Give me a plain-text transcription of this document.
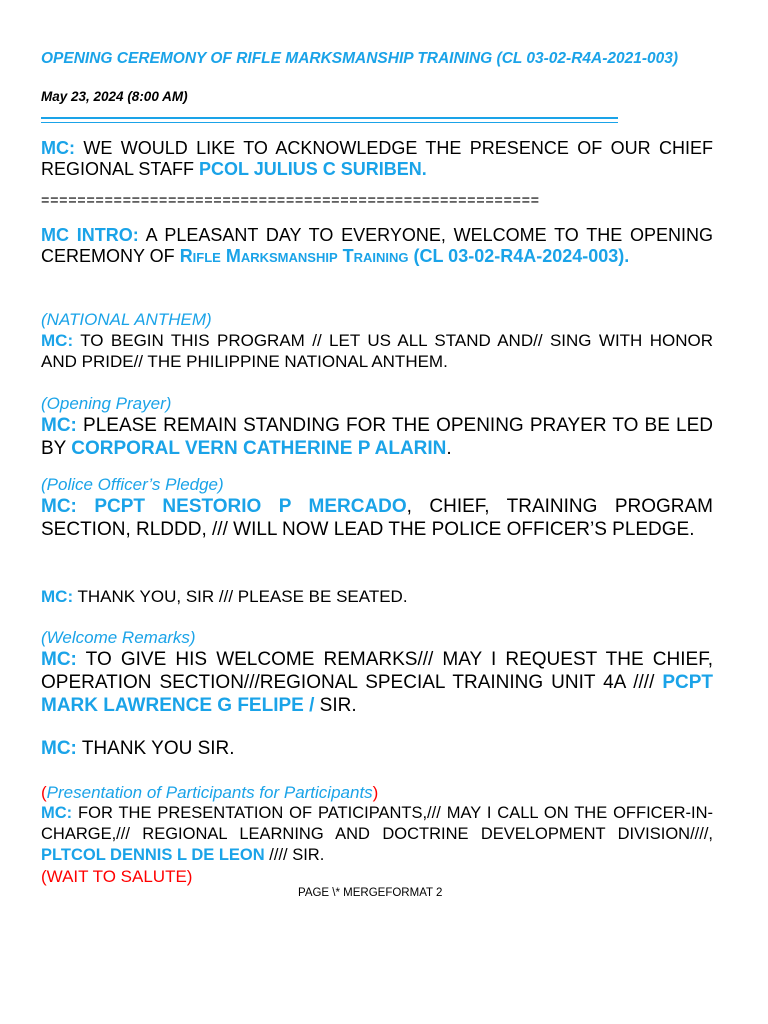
OPENING CEREMONY OF RIFLE MARKSMANSHIP TRAINING (CL 03-02-R4A-2021-003)
May 23, 2024 (8:00 AM)
MC: WE WOULD LIKE TO ACKNOWLEDGE THE PRESENCE OF OUR CHIEF REGIONAL STAFF PCOL JULIUS C SURIBEN.
=======================================================
MC INTRO: A PLEASANT DAY TO EVERYONE, WELCOME TO THE OPENING CEREMONY OF Rifle Marksmanship Training (CL 03-02-R4A-2024-003).
(NATIONAL ANTHEM)
MC: TO BEGIN THIS PROGRAM // LET US ALL STAND AND// SING WITH HONOR AND PRIDE// THE PHILIPPINE NATIONAL ANTHEM.
(Opening Prayer)
MC: PLEASE REMAIN STANDING FOR THE OPENING PRAYER TO BE LED BY CORPORAL VERN CATHERINE P ALARIN.
(Police Officer’s Pledge)
MC: PCPT NESTORIO P MERCADO, CHIEF, TRAINING PROGRAM SECTION, RLDDD, /// WILL NOW LEAD THE POLICE OFFICER’S PLEDGE.
MC: THANK YOU, SIR /// PLEASE BE SEATED.
(Welcome Remarks)
MC: TO GIVE HIS WELCOME REMARKS/// MAY I REQUEST THE CHIEF, OPERATION SECTION///REGIONAL SPECIAL TRAINING UNIT 4A //// PCPT MARK LAWRENCE G FELIPE / SIR.
MC: THANK YOU SIR.
(Presentation of Participants for Participants)
MC: FOR THE PRESENTATION OF PATICIPANTS,/// MAY I CALL ON THE OFFICER-IN-CHARGE,/// REGIONAL LEARNING AND DOCTRINE DEVELOPMENT DIVISION////, PLTCOL DENNIS L DE LEON //// SIR.
(WAIT TO SALUTE)
PAGE \* MERGEFORMAT 2
